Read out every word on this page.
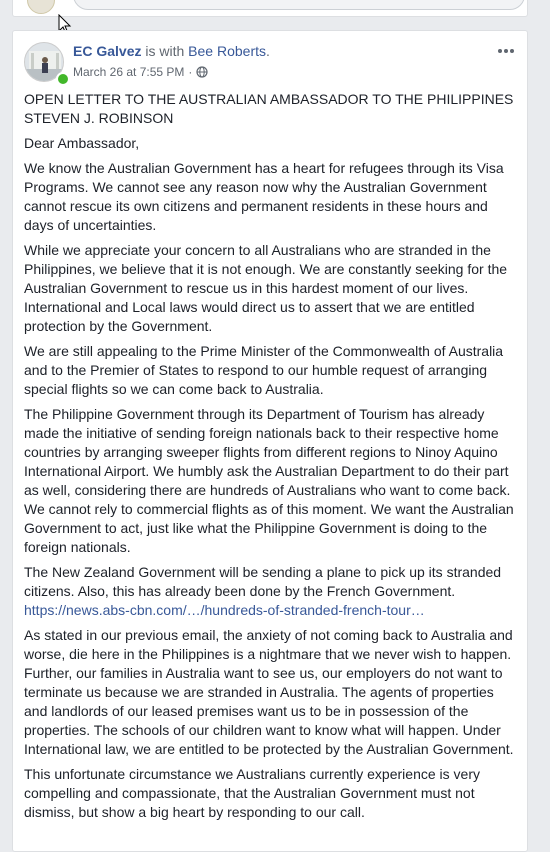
EC Galvez is with Bee Roberts.
March 26 at 7:55 PM ·

OPEN LETTER TO THE AUSTRALIAN AMBASSADOR TO THE PHILIPPINES STEVEN J. ROBINSON

Dear Ambassador,

We know the Australian Government has a heart for refugees through its Visa Programs. We cannot see any reason now why the Australian Government cannot rescue its own citizens and permanent residents in these hours and days of uncertainties.

While we appreciate your concern to all Australians who are stranded in the Philippines, we believe that it is not enough. We are constantly seeking for the Australian Government to rescue us in this hardest moment of our lives. International and Local laws would direct us to assert that we are entitled protection by the Government.

We are still appealing to the Prime Minister of the Commonwealth of Australia and to the Premier of States to respond to our humble request of arranging special flights so we can come back to Australia.

The Philippine Government through its Department of Tourism has already made the initiative of sending foreign nationals back to their respective home countries by arranging sweeper flights from different regions to Ninoy Aquino International Airport. We humbly ask the Australian Department to do their part as well, considering there are hundreds of Australians who want to come back. We cannot rely to commercial flights as of this moment. We want the Australian Government to act, just like what the Philippine Government is doing to the foreign nationals.

The New Zealand Government will be sending a plane to pick up its stranded citizens. Also, this has already been done by the French Government.
https://news.abs-cbn.com/…/hundreds-of-stranded-french-tour…

As stated in our previous email, the anxiety of not coming back to Australia and worse, die here in the Philippines is a nightmare that we never wish to happen. Further, our families in Australia want to see us, our employers do not want to terminate us because we are stranded in Australia. The agents of properties and landlords of our leased premises want us to be in possession of the properties. The schools of our children want to know what will happen. Under International law, we are entitled to be protected by the Australian Government.

This unfortunate circumstance we Australians currently experience is very compelling and compassionate, that the Australian Government must not dismiss, but show a big heart by responding to our call.
